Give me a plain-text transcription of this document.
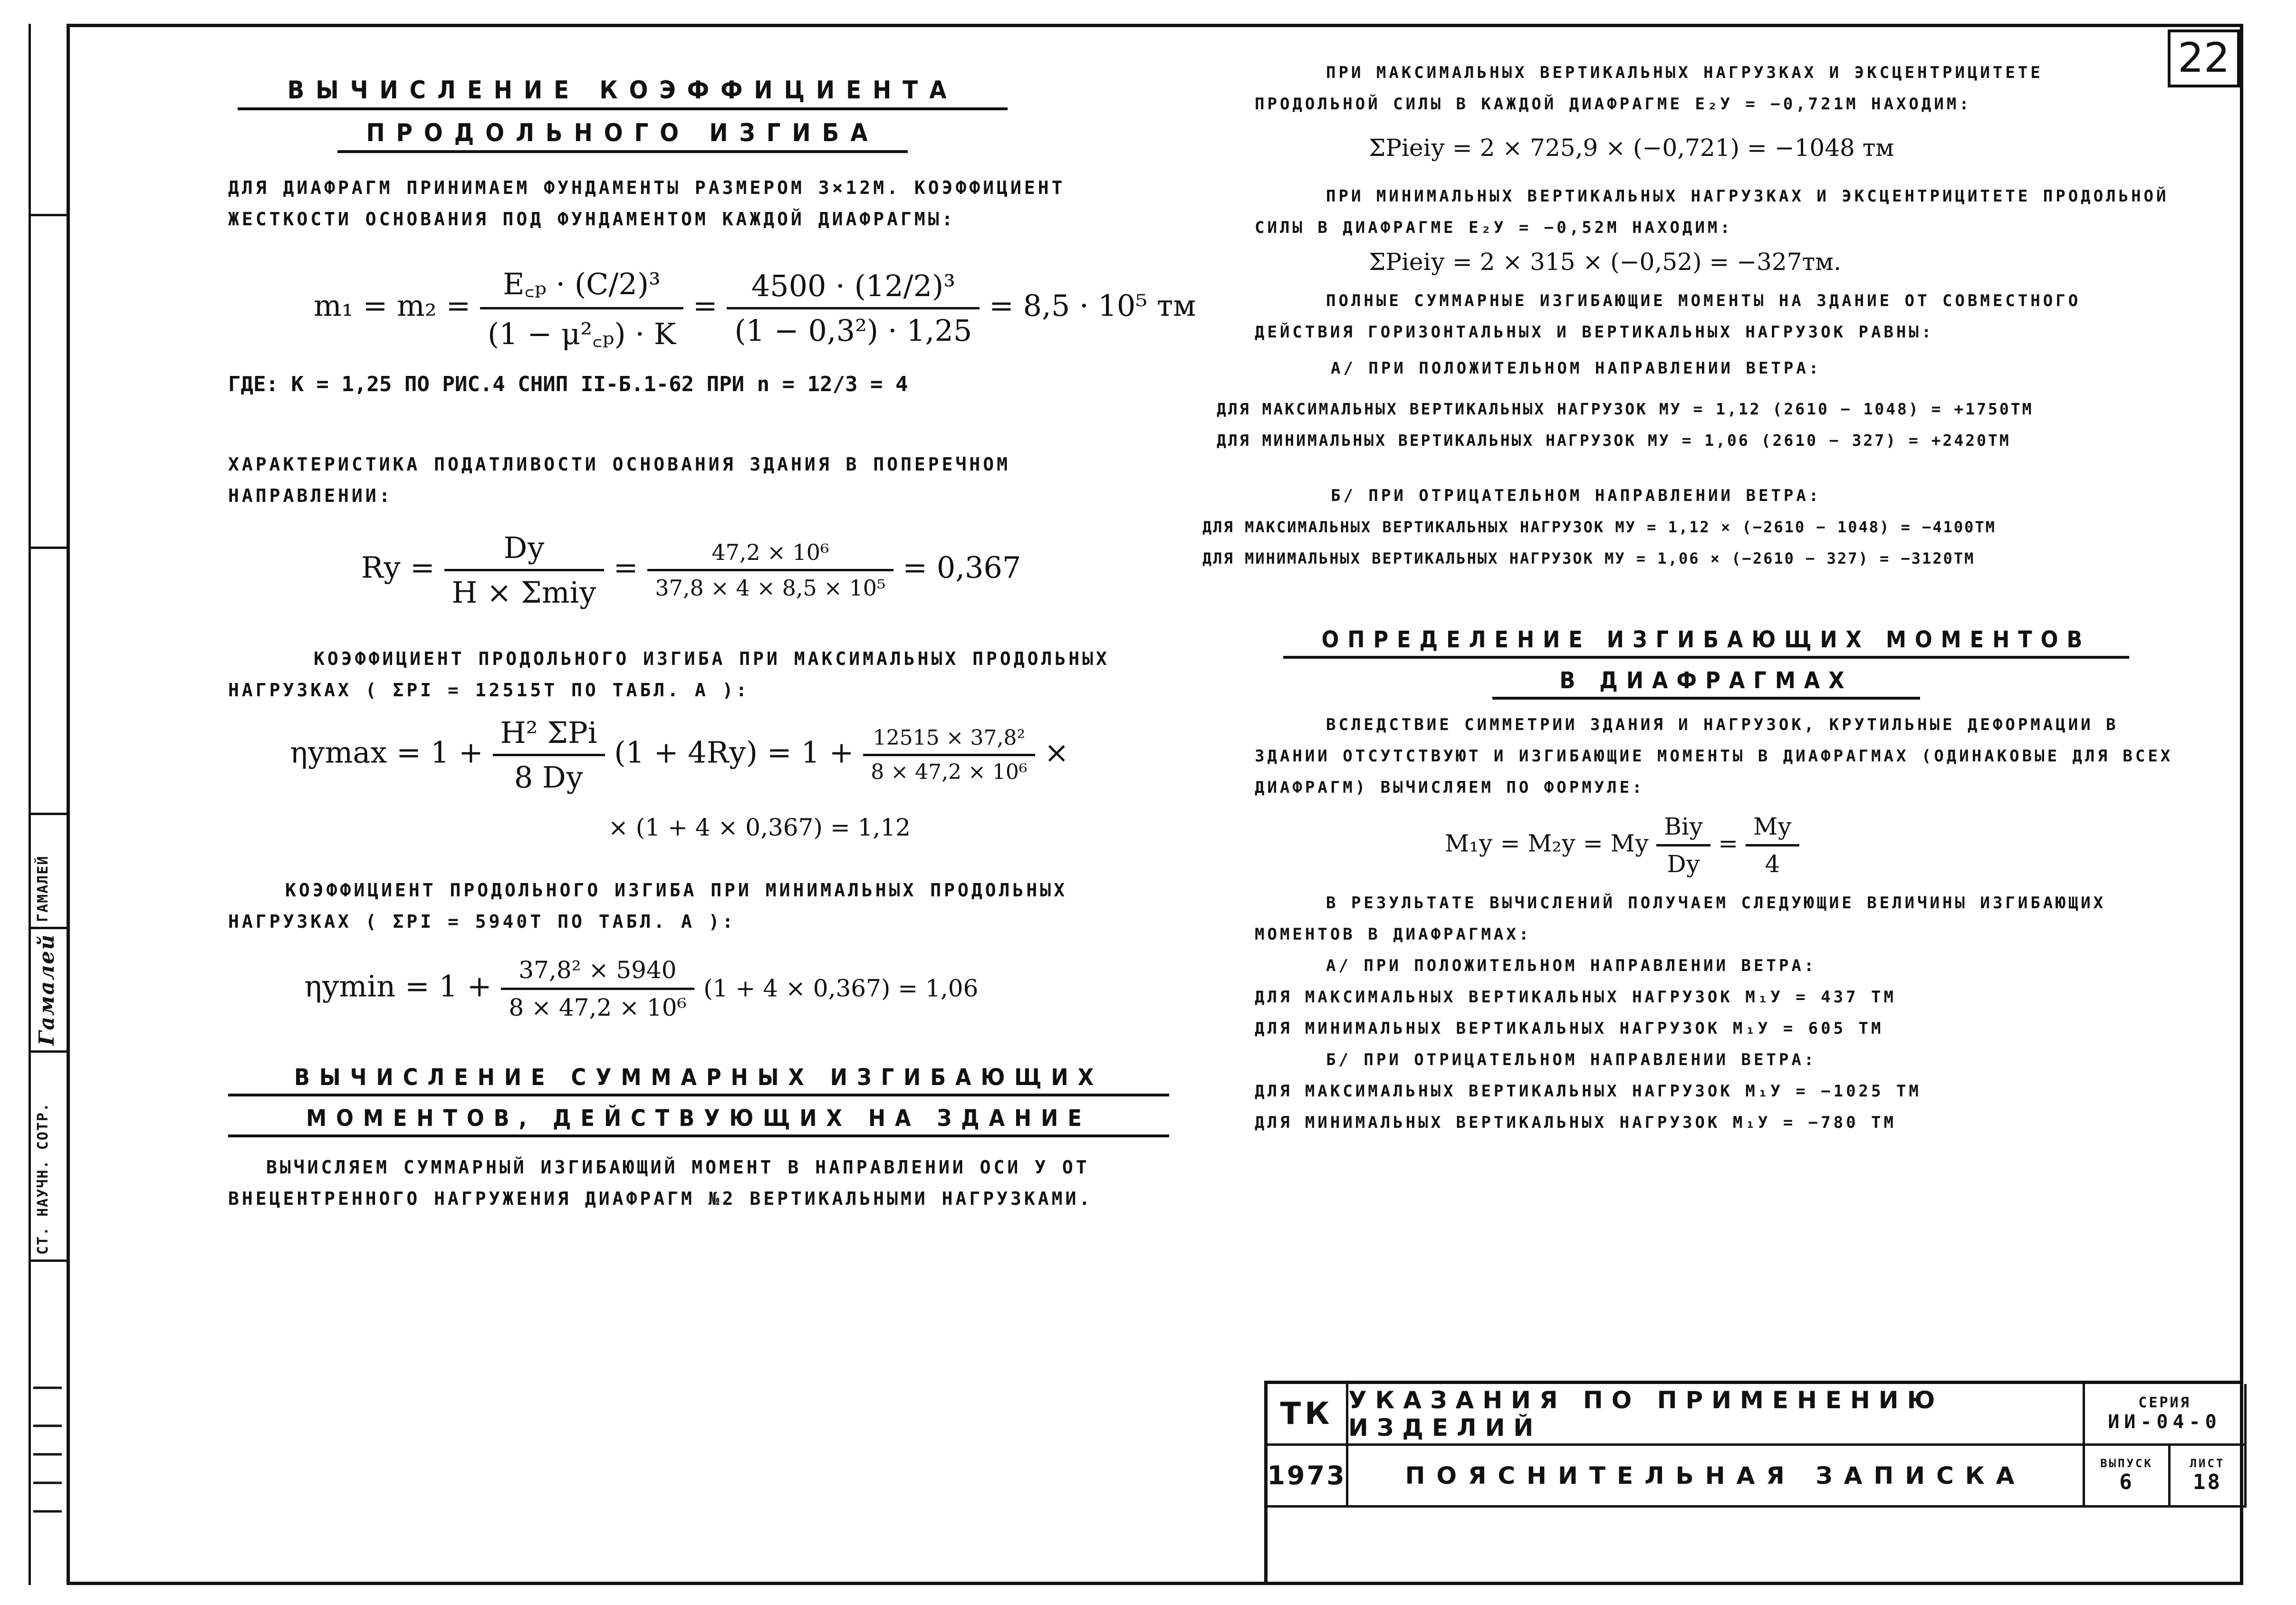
СТ. НАУЧН. СОТР.
Гамалей
ГАМАЛЕЙ
22
ВЫЧИСЛЕНИЕ КОЭФФИЦИЕНТА
ПРОДОЛЬНОГО ИЗГИБА

ДЛЯ ДИАФРАГМ ПРИНИМАЕМ ФУНДАМЕНТЫ РАЗМЕРОМ 3×12М. КОЭФФИЦИЕНТ ЖЕСТКОСТИ ОСНОВАНИЯ ПОД ФУНДАМЕНТОМ КАЖДОЙ ДИАФРАГМЫ:

$m_1 = m_2 = \frac{\text{E꜀ₚ · (C/2)³}}{\text{(1 − μ²꜀ₚ) · K}} = \frac{\text{4500 · (12/2)³}}{\text{(1 − 0,3²) · 1,25}} = 8,5 \cdot 10^5$ тм
ГДЕ: K = 1,25 ПО РИС.4 СНИП II-Б.1-62 ПРИ n = 12/3 = 4

ХАРАКТЕРИСТИКА ПОДАТЛИВОСТИ ОСНОВАНИЯ ЗДАНИЯ В ПОПЕРЕЧНОМ НАПРАВЛЕНИИ:

Rу = $\frac{Dу}{\text{H × Σmiу}} = \frac{\text{47,2 × 10⁶}}{\text{37,8 × 4 × 8,5 × 10⁵}} = 0,367$

КОЭФФИЦИЕНТ ПРОДОЛЬНОГО ИЗГИБА ПРИ МАКСИМАЛЬНЫХ ПРОДОЛЬНЫХ НАГРУЗКАХ ( ΣPI = 12515Т ПО ТАБЛ. А ):

$\eta у\max = 1 + \frac{\text{H² ΣPi}}{8 Dу} (1 + 4Rу) = 1 + \frac{\text{12515 × 37,8²}}{\text{8 × 47,2 × 10⁶}}$ ×
× (1 + 4 × 0,367) = 1,12

КОЭФФИЦИЕНТ ПРОДОЛЬНОГО ИЗГИБА ПРИ МИНИМАЛЬНЫХ ПРОДОЛЬНЫХ НАГРУЗКАХ ( ΣPI = 5940Т ПО ТАБЛ. А ):

$\eta у\min = 1 + \frac{\text{37,8² × 5940}}{\text{8 × 47,2 × 10⁶}} (1 + 4 \times 0,367) = 1,06$
ВЫЧИСЛЕНИЕ СУММАРНЫХ ИЗГИБАЮЩИХ
МОМЕНТОВ, ДЕЙСТВУЮЩИХ НА ЗДАНИЕ

ВЫЧИСЛЯЕМ СУММАРНЫЙ ИЗГИБАЮЩИЙ МОМЕНТ В НАПРАВЛЕНИИ ОСИ У ОТ ВНЕЦЕНТРЕННОГО НАГРУЖЕНИЯ ДИАФРАГМ №2 ВЕРТИКАЛЬНЫМИ НАГРУЗКАМИ.

ПРИ МАКСИМАЛЬНЫХ ВЕРТИКАЛЬНЫХ НАГРУЗКАХ И ЭКСЦЕНТРИЦИТЕТЕ ПРОДОЛЬНОЙ СИЛЫ В КАЖДОЙ ДИАФРАГМЕ E₂У = −0,721М НАХОДИМ:

ΣPieiу = 2 × 725,9 × (−0,721) = −1048 тм

ПРИ МИНИМАЛЬНЫХ ВЕРТИКАЛЬНЫХ НАГРУЗКАХ И ЭКСЦЕНТРИЦИТЕТЕ ПРОДОЛЬНОЙ СИЛЫ В ДИАФРАГМЕ E₂У = −0,52М НАХОДИМ:

ΣPieiу = 2 × 315 × (−0,52) = −327тм.

ПОЛНЫЕ СУММАРНЫЕ ИЗГИБАЮЩИЕ МОМЕНТЫ НА ЗДАНИЕ ОТ СОВМЕСТНОГО ДЕЙСТВИЯ ГОРИЗОНТАЛЬНЫХ И ВЕРТИКАЛЬНЫХ НАГРУЗОК РАВНЫ:

А/ ПРИ ПОЛОЖИТЕЛЬНОМ НАПРАВЛЕНИИ ВЕТРА:

ДЛЯ МАКСИМАЛЬНЫХ ВЕРТИКАЛЬНЫХ НАГРУЗОК MУ = 1,12 (2610 − 1048) = +1750ТМ

ДЛЯ МИНИМАЛЬНЫХ ВЕРТИКАЛЬНЫХ НАГРУЗОК MУ = 1,06 (2610 − 327) = +2420ТМ

Б/ ПРИ ОТРИЦАТЕЛЬНОМ НАПРАВЛЕНИИ ВЕТРА:

ДЛЯ МАКСИМАЛЬНЫХ ВЕРТИКАЛЬНЫХ НАГРУЗОК MУ = 1,12 × (−2610 − 1048) = −4100ТМ

ДЛЯ МИНИМАЛЬНЫХ ВЕРТИКАЛЬНЫХ НАГРУЗОК MУ = 1,06 × (−2610 − 327) = −3120ТМ

ОПРЕДЕЛЕНИЕ ИЗГИБАЮЩИХ МОМЕНТОВ
В ДИАФРАГМАХ

ВСЛЕДСТВИЕ СИММЕТРИИ ЗДАНИЯ И НАГРУЗОК, КРУТИЛЬНЫЕ ДЕФОРМАЦИИ В ЗДАНИИ ОТСУТСТВУЮТ И ИЗГИБАЮЩИЕ МОМЕНТЫ В ДИАФРАГМАХ (ОДИНАКОВЫЕ ДЛЯ ВСЕХ ДИАФРАГМ) ВЫЧИСЛЯЕМ ПО ФОРМУЛЕ:

M₁у = M₂у = Mу $\frac{\text{Biу}}{Dу} = \frac{Mу}{4}$

В РЕЗУЛЬТАТЕ ВЫЧИСЛЕНИЙ ПОЛУЧАЕМ СЛЕДУЮЩИЕ ВЕЛИЧИНЫ ИЗГИБАЮЩИХ МОМЕНТОВ В ДИАФРАГМАХ:

А/ ПРИ ПОЛОЖИТЕЛЬНОМ НАПРАВЛЕНИИ ВЕТРА:

ДЛЯ МАКСИМАЛЬНЫХ ВЕРТИКАЛЬНЫХ НАГРУЗОК M₁У = 437 ТМ

ДЛЯ МИНИМАЛЬНЫХ ВЕРТИКАЛЬНЫХ НАГРУЗОК M₁У = 605 ТМ

Б/ ПРИ ОТРИЦАТЕЛЬНОМ НАПРАВЛЕНИИ ВЕТРА:

ДЛЯ МАКСИМАЛЬНЫХ ВЕРТИКАЛЬНЫХ НАГРУЗОК M₁У = −1025 ТМ

ДЛЯ МИНИМАЛЬНЫХ ВЕРТИКАЛЬНЫХ НАГРУЗОК M₁У = −780 ТМ

ТК
1973
УКАЗАНИЯ ПО ПРИМЕНЕНИЮ ИЗДЕЛИЙ
ПОЯСНИТЕЛЬНАЯ ЗАПИСКА
СЕРИЯ
ИИ-04-0
ВЫПУСК
6
ЛИСТ
18
